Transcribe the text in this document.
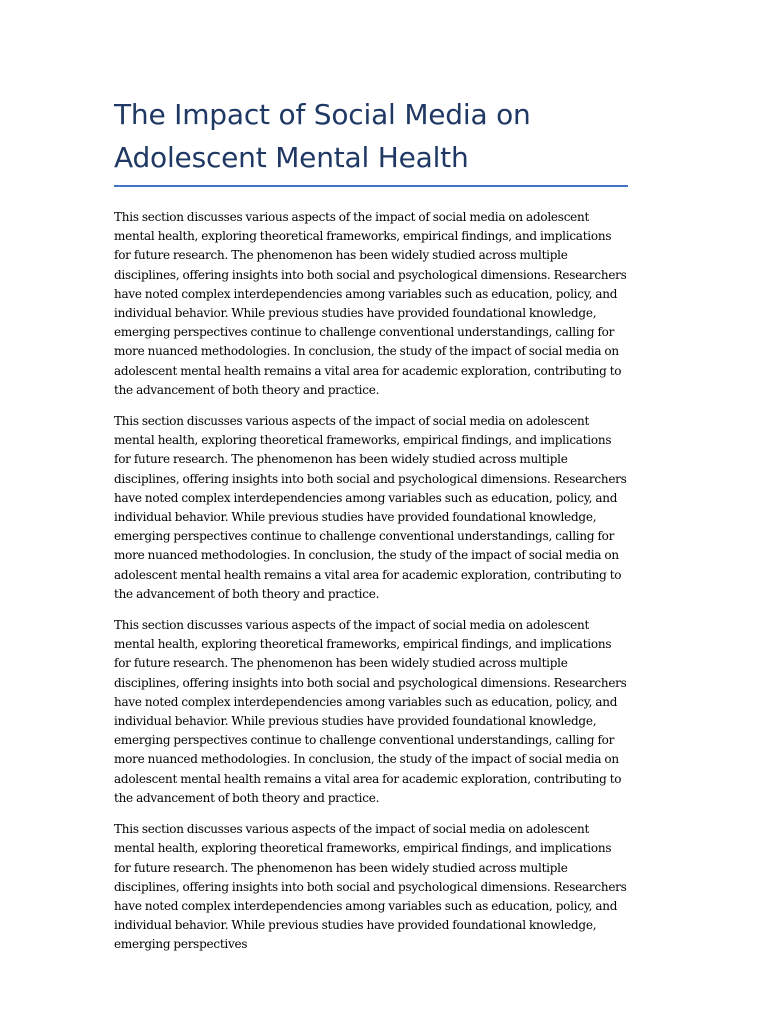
The Impact of Social Media on Adolescent Mental Health

This section discusses various aspects of the impact of social media on adolescent mental health, exploring theoretical frameworks, empirical findings, and implications for future research. The phenomenon has been widely studied across multiple disciplines, offering insights into both social and psychological dimensions. Researchers have noted complex interdependencies among variables such as education, policy, and individual behavior. While previous studies have provided foundational knowledge, emerging perspectives continue to challenge conventional understandings, calling for more nuanced methodologies. In conclusion, the study of the impact of social media on adolescent mental health remains a vital area for academic exploration, contributing to the advancement of both theory and practice.

This section discusses various aspects of the impact of social media on adolescent mental health, exploring theoretical frameworks, empirical findings, and implications for future research. The phenomenon has been widely studied across multiple disciplines, offering insights into both social and psychological dimensions. Researchers have noted complex interdependencies among variables such as education, policy, and individual behavior. While previous studies have provided foundational knowledge, emerging perspectives continue to challenge conventional understandings, calling for more nuanced methodologies. In conclusion, the study of the impact of social media on adolescent mental health remains a vital area for academic exploration, contributing to the advancement of both theory and practice.

This section discusses various aspects of the impact of social media on adolescent mental health, exploring theoretical frameworks, empirical findings, and implications for future research. The phenomenon has been widely studied across multiple disciplines, offering insights into both social and psychological dimensions. Researchers have noted complex interdependencies among variables such as education, policy, and individual behavior. While previous studies have provided foundational knowledge, emerging perspectives continue to challenge conventional understandings, calling for more nuanced methodologies. In conclusion, the study of the impact of social media on adolescent mental health remains a vital area for academic exploration, contributing to the advancement of both theory and practice.

This section discusses various aspects of the impact of social media on adolescent mental health, exploring theoretical frameworks, empirical findings, and implications for future research. The phenomenon has been widely studied across multiple disciplines, offering insights into both social and psychological dimensions. Researchers have noted complex interdependencies among variables such as education, policy, and individual behavior. While previous studies have provided foundational knowledge, emerging perspectives
